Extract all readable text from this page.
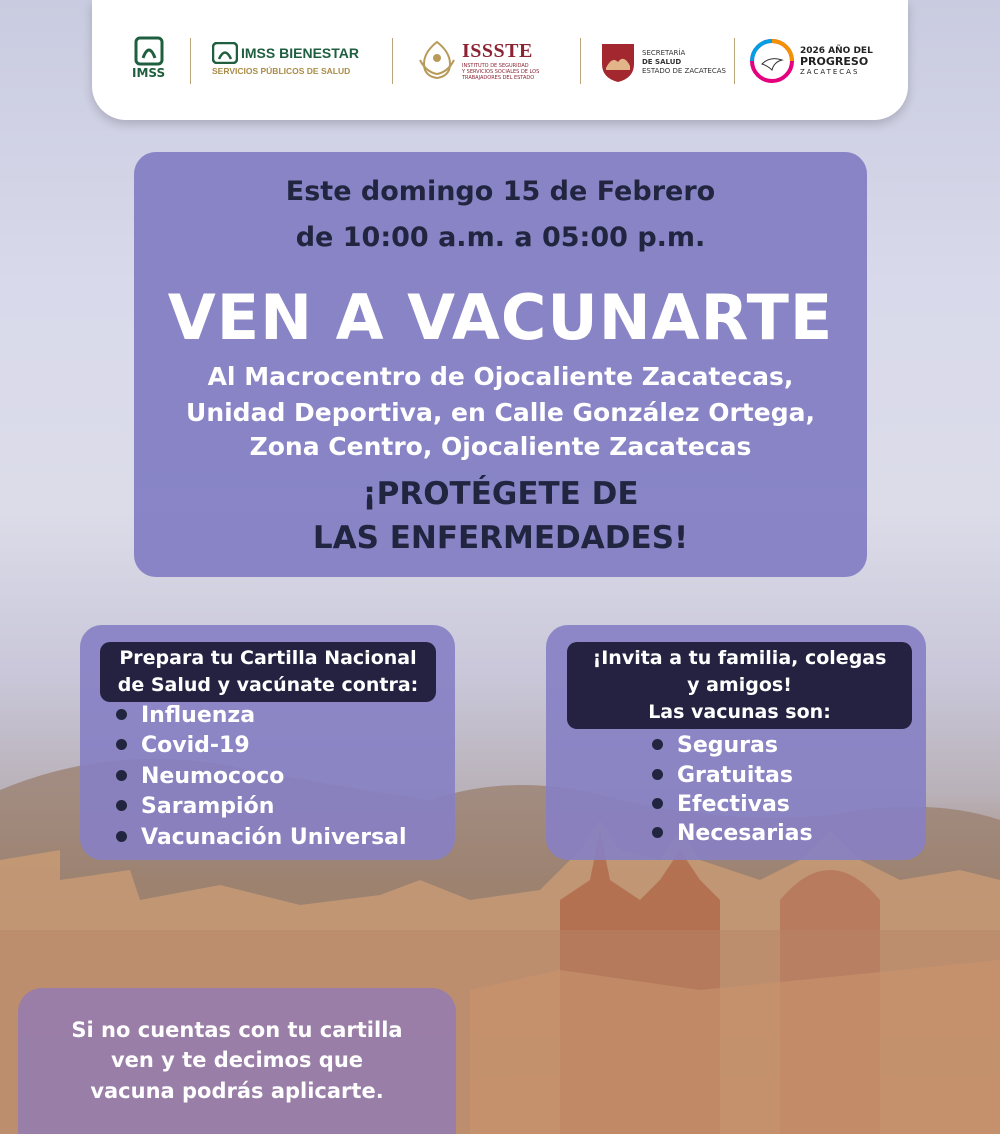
IMSS
IMSS BIENESTAR
SERVICIOS PÚBLICOS DE SALUD
ISSSTE
INSTITUTO DE SEGURIDAD
Y SERVICIOS SOCIALES DE LOS
TRABAJADORES DEL ESTADO
SECRETARÍA
DE SALUD
ESTADO DE ZACATECAS
2026 AÑO DEL
PROGRESO
ZACATECAS
Este domingo 15 de Febrero
de 10:00 a.m. a 05:00 p.m.
VEN A VACUNARTE
Al Macrocentro de Ojocaliente Zacatecas,
Unidad Deportiva, en Calle González Ortega,
Zona Centro, Ojocaliente Zacatecas
¡PROTÉGETE DE
LAS ENFERMEDADES!
Prepara tu Cartilla Nacional
de Salud y vacúnate contra:
Influenza
Covid-19
Neumococo
Sarampión
Vacunación Universal
¡Invita a tu familia, colegas
y amigos!
Las vacunas son:
Seguras
Gratuitas
Efectivas
Necesarias
Si no cuentas con tu cartilla
ven y te decimos que
vacuna podrás aplicarte.
